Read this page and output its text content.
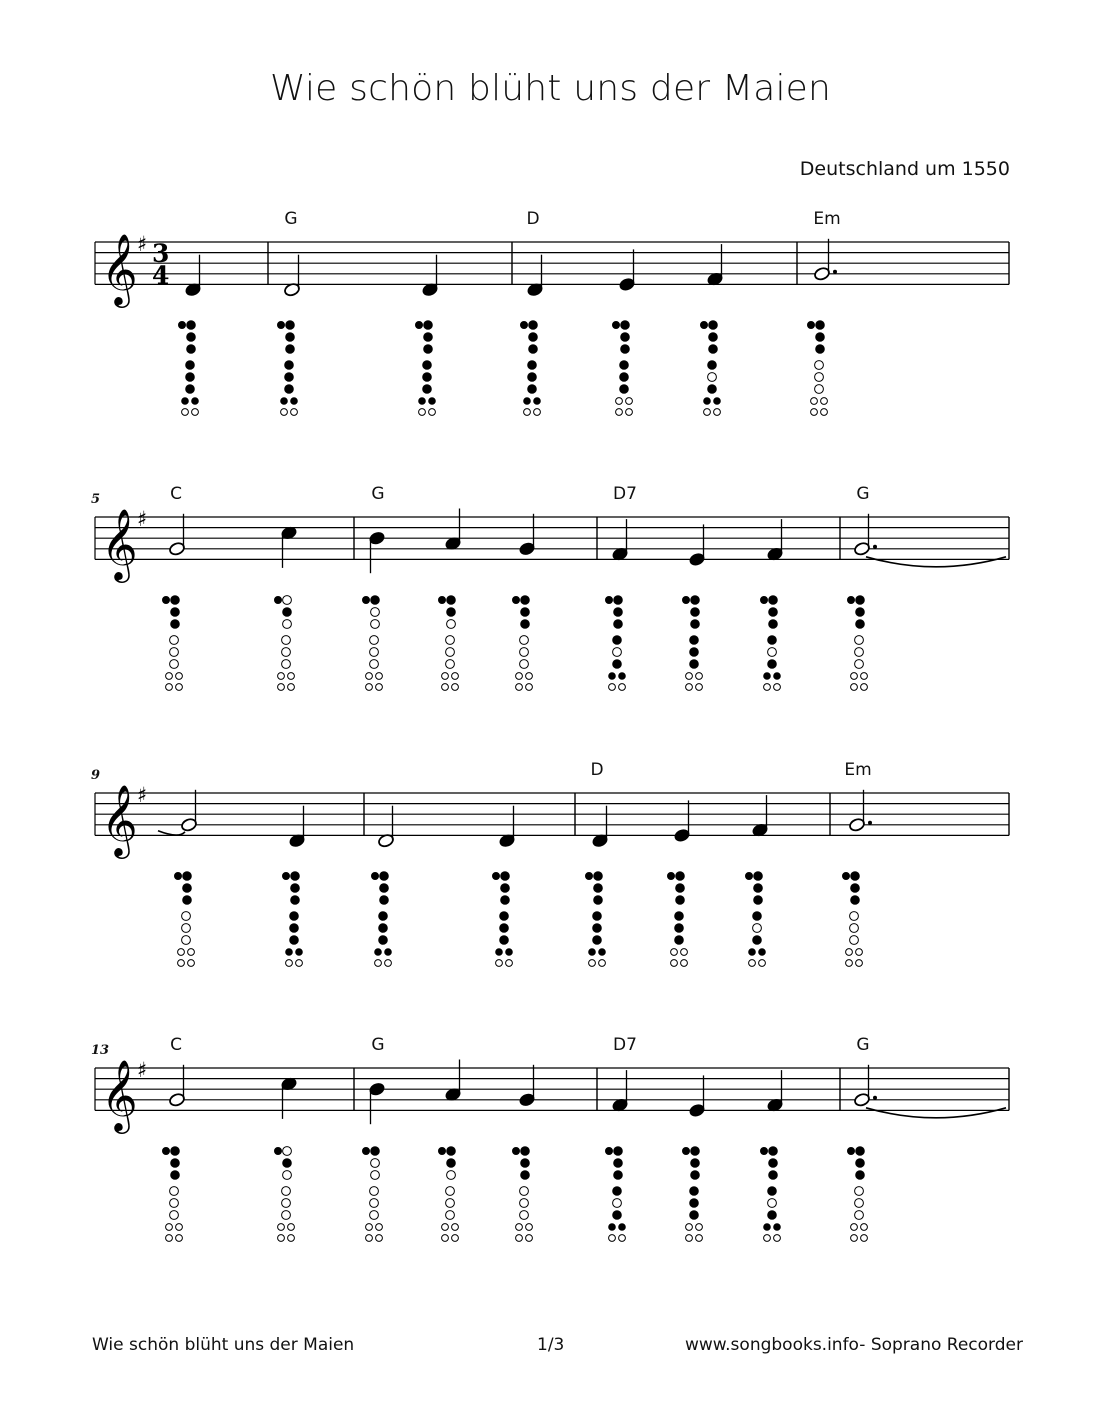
Wie schön blüht uns der Maien
Deutschland um 1550
𝄞 ♯ 3
4
G	D	Em
𝄞 ♯
5	C	G	D7	G
𝄞 ♯
9	D	Em
𝄞 ♯
13	C	G	D7	G
Wie schön blüht uns der Maien	1/3	www.songbooks.info- Soprano Recorder
